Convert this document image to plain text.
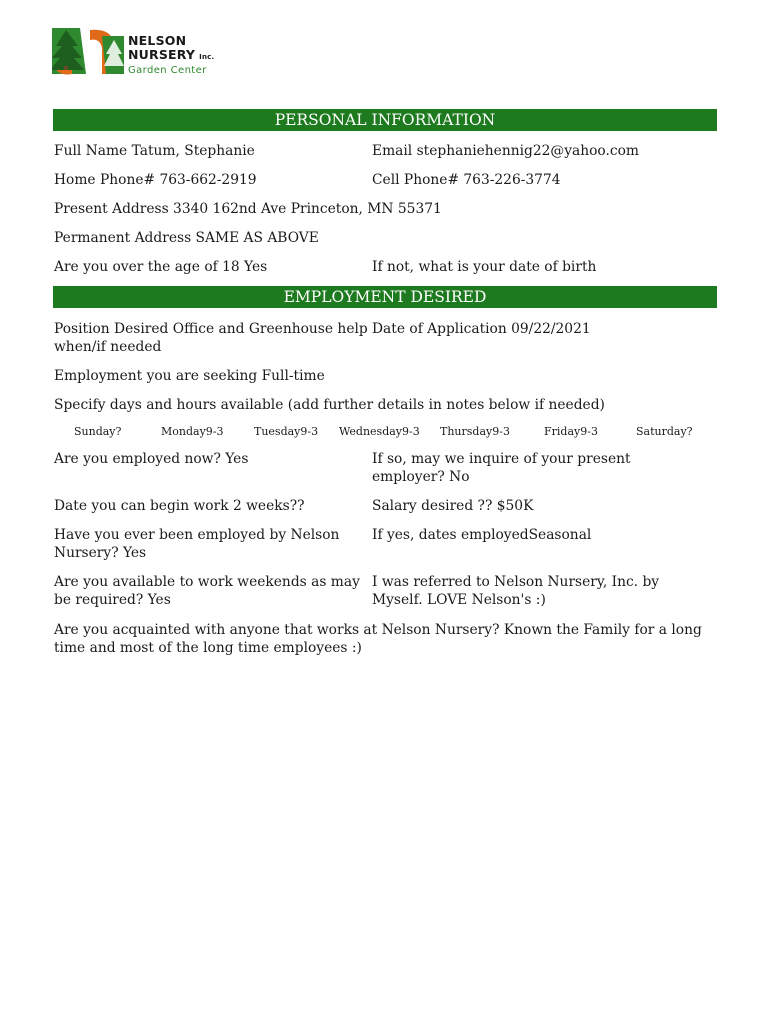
NELSON
NURSERY Inc.
Garden Center
PERSONAL INFORMATION
Full Name Tatum, Stephanie	Email stephaniehennig22@yahoo.com
Home Phone# 763-662-2919	Cell Phone# 763-226-3774
Present Address 3340 162nd Ave Princeton, MN 55371
Permanent Address SAME AS ABOVE
Are you over the age of 18 Yes	If not, what is your date of birth
EMPLOYMENT DESIRED
Position Desired Office and Greenhouse help when/if needed
Date of Application 09/22/2021
Employment you are seeking Full-time
Specify days and hours available (add further details in notes below if needed)
Sunday?	Monday9-3	Tuesday9-3 Wednesday9-3 Thursday9-3	Friday9-3	Saturday?
Are you employed now? Yes	If so, may we inquire of your present employer? No
Date you can begin work 2 weeks??	Salary desired ?? $50K
Have you ever been employed by Nelson Nursery? Yes
If yes, dates employedSeasonal
Are you available to work weekends as may be required? Yes
I was referred to Nelson Nursery, Inc. by Myself. LOVE Nelson's :)
Are you acquainted with anyone that works at Nelson Nursery? Known the Family for a long time and most of the long time employees :)
